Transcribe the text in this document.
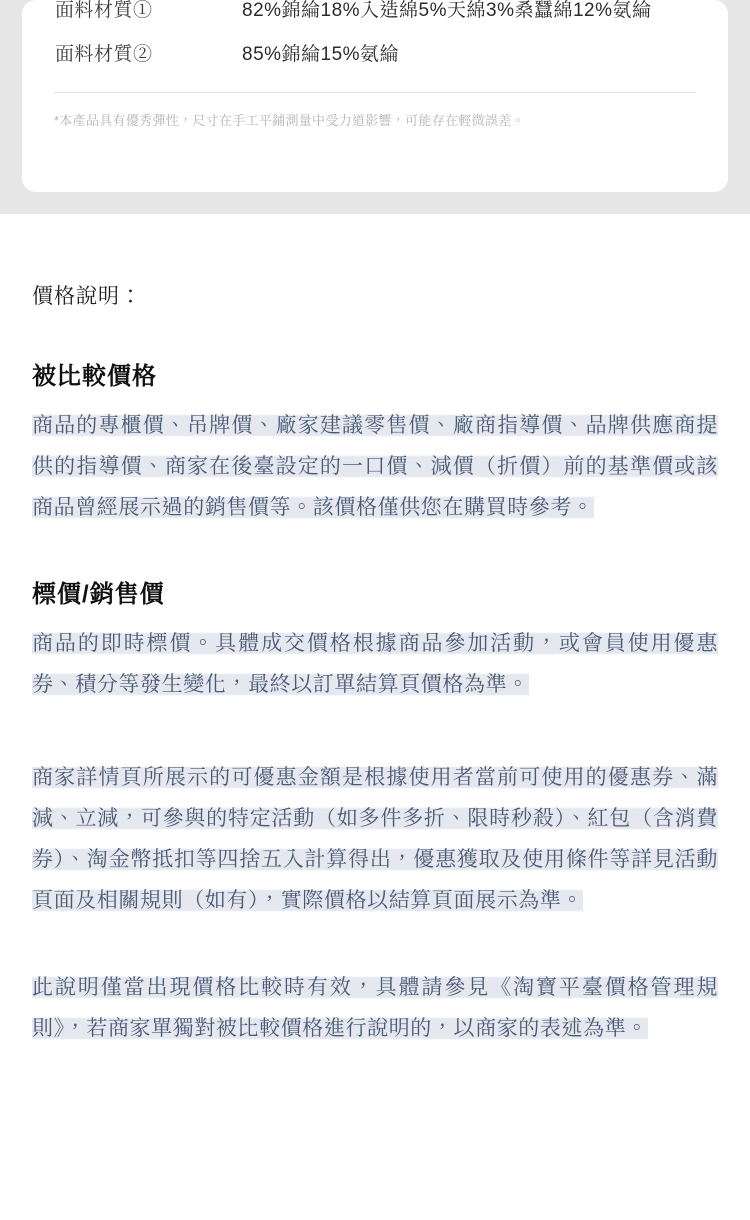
面料材質①	82%錦綸18%入造綿5%天綿3%桑蠶綿12%氨綸
面料材質②	85%錦綸15%氨綸
*本產品具有優秀彈性，尺寸在手工平鋪測量中受力道影響，可能存在輕微誤差。
價格說明：
被比較價格
商品的專櫃價、吊牌價、廠家建議零售價、廠商指導價、品牌供應商提供的指導價、商家在後臺設定的一口價、減價（折價）前的基準價或該商品曾經展示過的銷售價等。該價格僅供您在購買時參考。
標價/銷售價
商品的即時標價。具體成交價格根據商品參加活動，或會員使用優惠券、積分等發生變化，最終以訂單結算頁價格為準。
商家詳情頁所展示的可優惠金額是根據使用者當前可使用的優惠券、滿減、立減，可參與的特定活動（如多件多折、限時秒殺）、紅包（含消費券）、淘金幣抵扣等四捨五入計算得出，優惠獲取及使用條件等詳見活動頁面及相關規則（如有），實際價格以結算頁面展示為準。
此說明僅當出現價格比較時有效，具體請參見《淘寶平臺價格管理規則》，若商家單獨對被比較價格進行說明的，以商家的表述為準。
